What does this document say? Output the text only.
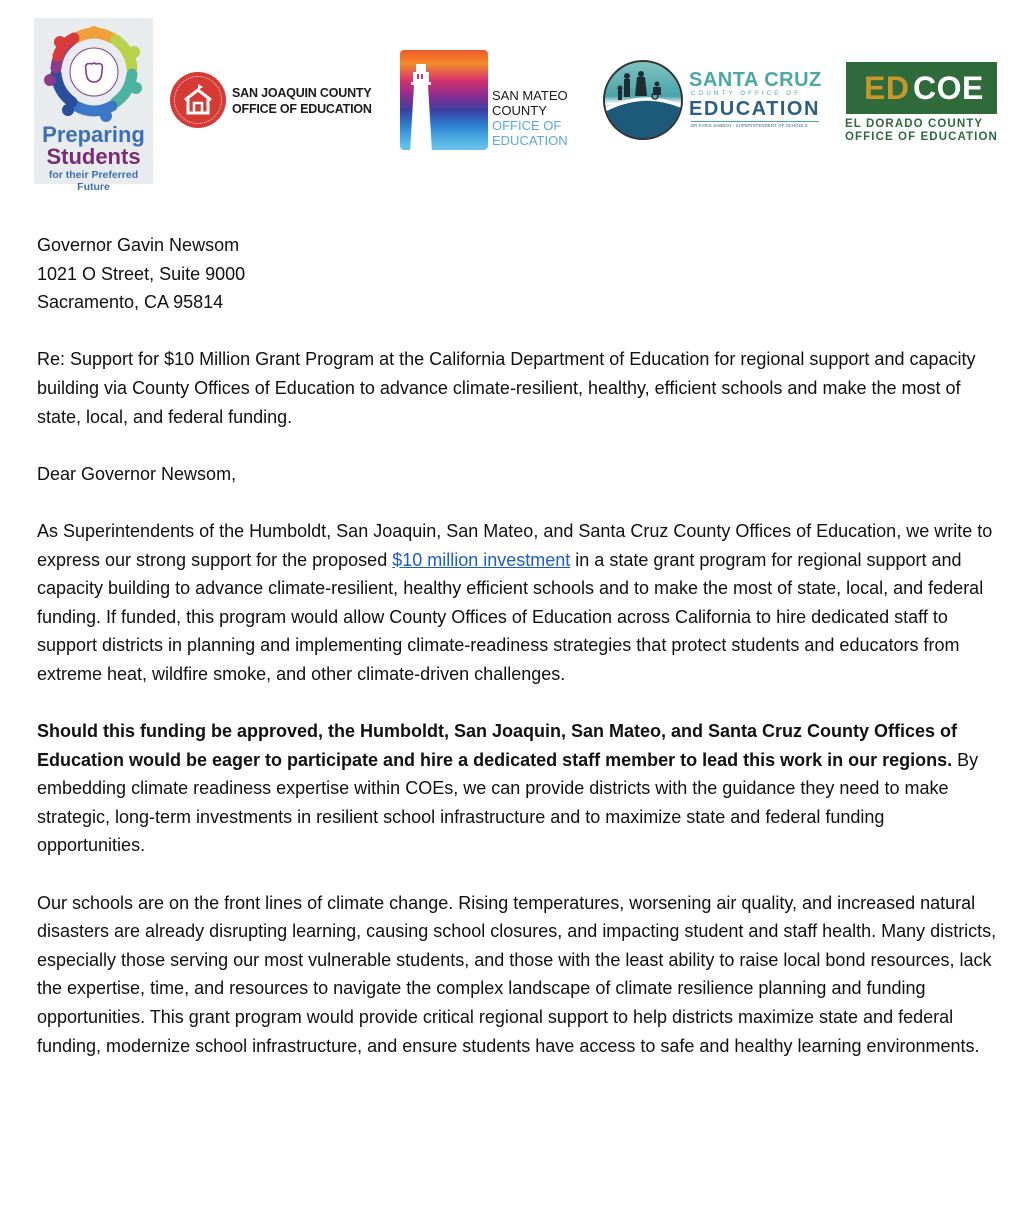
Preparing
Students
for their Preferred Future
SAN JOAQUIN COUNTY
OFFICE OF EDUCATION
SAN MATEO
COUNTY
OFFICE OF
EDUCATION
SANTA CRUZ
COUNTY OFFICE OF
EDUCATION
DR.FARIS SABBAH - SUPERINTENDENT OF SCHOOLS
ED COE
EL DORADO COUNTY
OFFICE OF EDUCATION

Governor Gavin Newsom

1021 O Street, Suite 9000

Sacramento, CA 95814

Re: Support for $10 Million Grant Program at the California Department of Education for regional support and capacity building via County Offices of Education to advance climate-resilient, healthy, efficient schools and make the most of state, local, and federal funding.

Dear Governor Newsom,

As Superintendents of the Humboldt, San Joaquin, San Mateo, and Santa Cruz County Offices of Education, we write to express our strong support for the proposed $10 million investment in a state grant program for regional support and capacity building to advance climate-resilient, healthy efficient schools and to make the most of state, local, and federal funding. If funded, this program would allow County Offices of Education across California to hire dedicated staff to support districts in planning and implementing climate-readiness strategies that protect students and educators from extreme heat, wildfire smoke, and other climate-driven challenges.

Should this funding be approved, the Humboldt, San Joaquin, San Mateo, and Santa Cruz County Offices of Education would be eager to participate and hire a dedicated staff member to lead this work in our regions. By embedding climate readiness expertise within COEs, we can provide districts with the guidance they need to make strategic, long-term investments in resilient school infrastructure and to maximize state and federal funding opportunities.

Our schools are on the front lines of climate change. Rising temperatures, worsening air quality, and increased natural disasters are already disrupting learning, causing school closures, and impacting student and staff health. Many districts, especially those serving our most vulnerable students, and those with the least ability to raise local bond resources, lack the expertise, time, and resources to navigate the complex landscape of climate resilience planning and funding opportunities. This grant program would provide critical regional support to help districts maximize state and federal funding, modernize school infrastructure, and ensure students have access to safe and healthy learning environments.
